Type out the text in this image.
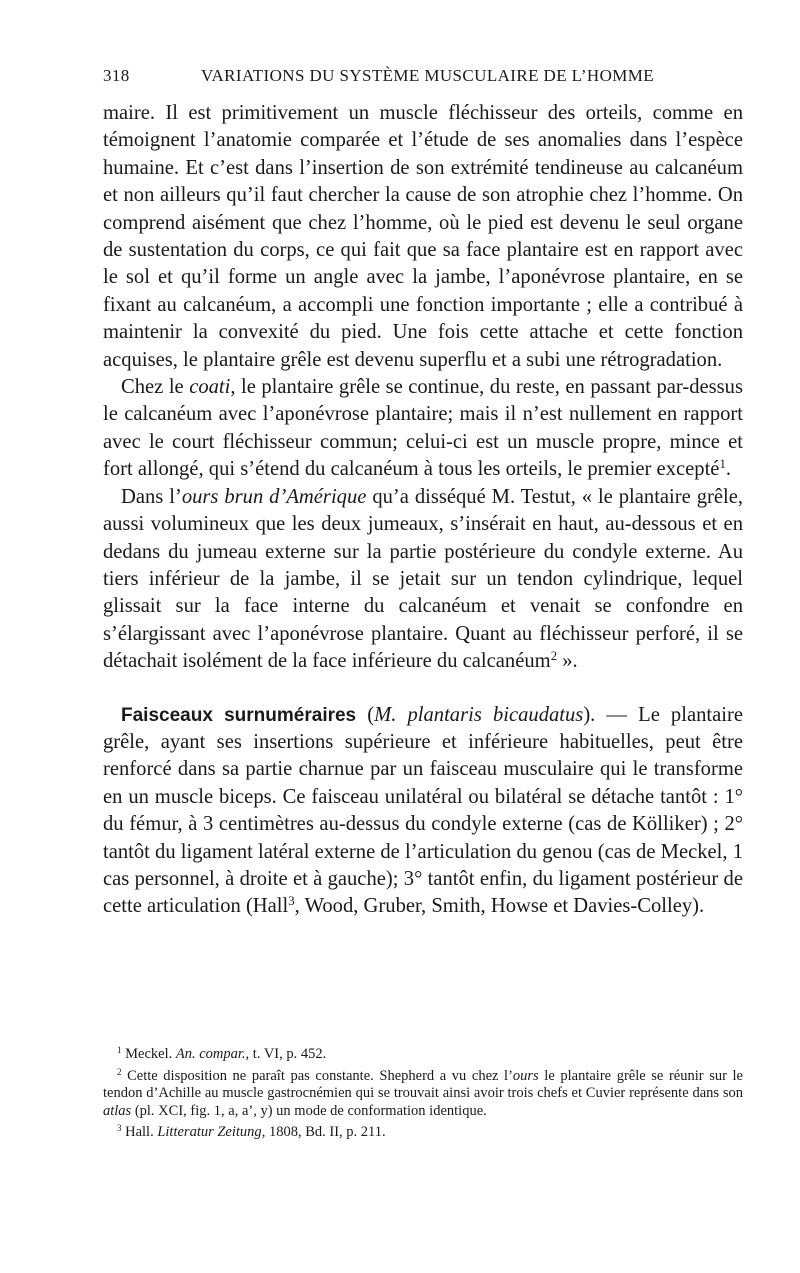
318	VARIATIONS DU SYSTÈME MUSCULAIRE DE L’HOMME

maire. Il est primitivement un muscle fléchisseur des orteils, comme en témoignent l’anatomie comparée et l’étude de ses anomalies dans l’espèce humaine. Et c’est dans l’insertion de son extrémité tendineuse au calcanéum et non ailleurs qu’il faut chercher la cause de son atrophie chez l’homme. On comprend aisément que chez l’homme, où le pied est devenu le seul organe de sustentation du corps, ce qui fait que sa face plantaire est en rapport avec le sol et qu’il forme un angle avec la jambe, l’aponévrose plantaire, en se fixant au calcanéum, a accompli une fonction importante ; elle a contribué à maintenir la convexité du pied. Une fois cette attache et cette fonction acquises, le plantaire grêle est devenu superflu et a subi une rétrogradation.

Chez le coati, le plantaire grêle se continue, du reste, en passant par-dessus le calcanéum avec l’aponévrose plantaire; mais il n’est nullement en rapport avec le court fléchisseur commun; celui-ci est un muscle propre, mince et fort allongé, qui s’étend du calcanéum à tous les orteils, le premier excepté$^1$.

Dans l’ours brun d’Amérique qu’a disséqué M. Testut, « le plantaire grêle, aussi volumineux que les deux jumeaux, s’insérait en haut, au-dessous et en dedans du jumeau externe sur la partie postérieure du condyle externe. Au tiers inférieur de la jambe, il se jetait sur un tendon cylindrique, lequel glissait sur la face interne du calcanéum et venait se confondre en s’élargissant avec l’aponévrose plantaire. Quant au fléchisseur perforé, il se détachait isolément de la face inférieure du calcanéum$^2$ ».

Faisceaux surnuméraires (M. plantaris bicaudatus). — Le plantaire grêle, ayant ses insertions supérieure et inférieure habituelles, peut être renforcé dans sa partie charnue par un faisceau musculaire qui le transforme en un muscle biceps. Ce faisceau unilatéral ou bilatéral se détache tantôt : 1° du fémur, à 3 centimètres au-dessus du condyle externe (cas de Kölliker) ; 2° tantôt du ligament latéral externe de l’articulation du genou (cas de Meckel, 1 cas personnel, à droite et à gauche); 3° tantôt enfin, du ligament postérieur de cette articulation (Hall$^3$, Wood, Gruber, Smith, Howse et Davies-Colley).

$^1$ Meckel. An. compar., t. VI, p. 452.

$^2$ Cette disposition ne paraît pas constante. Shepherd a vu chez l’ours le plantaire grêle se réunir sur le tendon d’Achille au muscle gastrocnémien qui se trouvait ainsi avoir trois chefs et Cuvier représente dans son atlas (pl. XCI, fig. 1, a, a’, y) un mode de conformation identique.

$^3$ Hall. Litteratur Zeitung, 1808, Bd. II, p. 211.
